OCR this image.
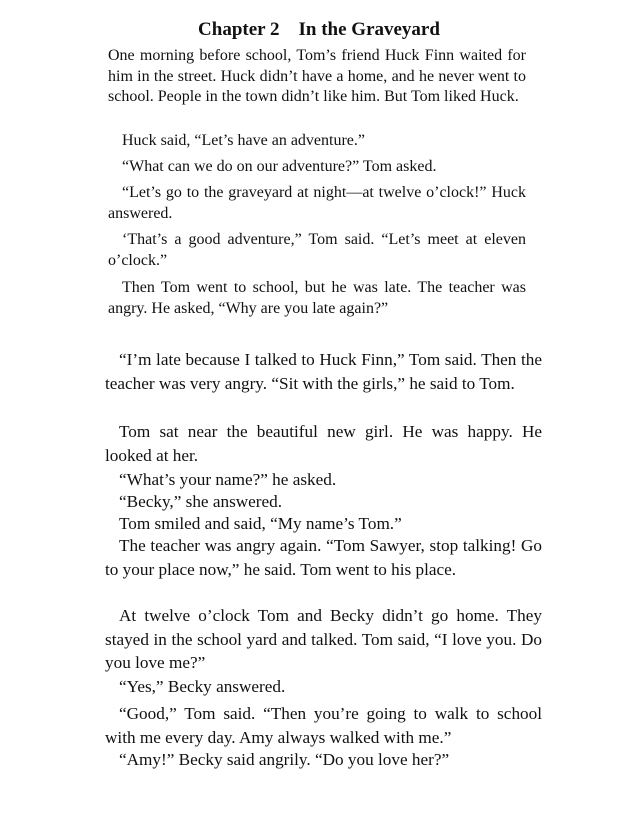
Chapter 2    In the Graveyard

One morning before school, Tom’s friend Huck Finn waited for him in the street. Huck didn’t have a home, and he never went to school. People in the town didn’t like him. But Tom liked Huck.

Huck said, “Let’s have an adventure.”

“What can we do on our adventure?” Tom asked.

“Let’s go to the graveyard at night—at twelve o’clock!” Huck answered.

‘That’s a good adventure,” Tom said. “Let’s meet at eleven o’clock.”

Then Tom went to school, but he was late. The teacher was angry. He asked, “Why are you late again?”

“I’m late because I talked to Huck Finn,” Tom said. Then the teacher was very angry. “Sit with the girls,” he said to Tom.

Tom sat near the beautiful new girl. He was happy. He looked at her.

“What’s your name?” he asked.

“Becky,” she answered.

Tom smiled and said, “My name’s Tom.”

The teacher was angry again. “Tom Sawyer, stop talking! Go to your place now,” he said. Tom went to his place.

At twelve o’clock Tom and Becky didn’t go home. They stayed in the school yard and talked. Tom said, “I love you. Do you love me?”

“Yes,” Becky answered.

“Good,” Tom said. “Then you’re going to walk to school with me every day. Amy always walked with me.”

“Amy!” Becky said angrily. “Do you love her?”
